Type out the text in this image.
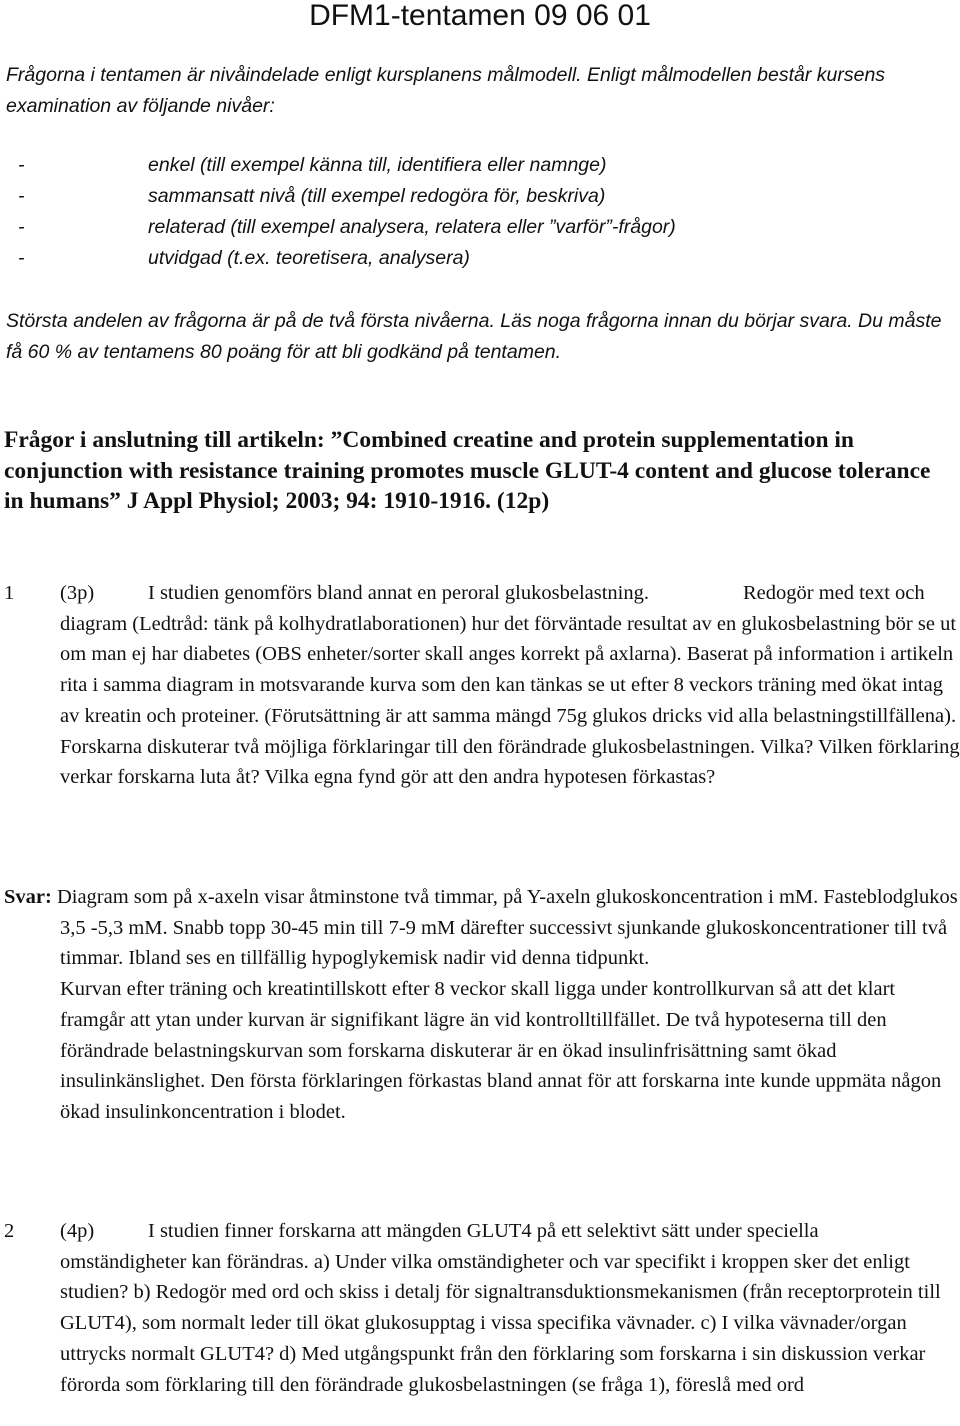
DFM1-tentamen 09 06 01

Frågorna i tentamen är nivåindelade enligt kursplanens målmodell. Enligt målmodellen består kursens examination av följande nivåer:

-	enkel (till exempel känna till, identifiera eller namnge)
-	sammansatt nivå (till exempel redogöra för, beskriva)
-	relaterad (till exempel analysera, relatera eller ”varför”-frågor)
-	utvidgad (t.ex. teoretisera, analysera)

Största andelen av frågorna är på de två första nivåerna. Läs noga frågorna innan du börjar svara. Du måste få 60 % av tentamens 80 poäng för att bli godkänd på tentamen.

Frågor i anslutning till artikeln: ”Combined creatine and protein supplementation in conjunction with resistance training promotes muscle GLUT-4 content and glucose tolerance in humans” J Appl Physiol; 2003; 94: 1910-1916. (12p)
1 (3p)	I studien genomförs bland annat en peroral glukosbelastning.	Redogör med text och diagram (Ledtråd: tänk på kolhydratlaborationen) hur det förväntade resultat av en glukosbelastning bör se ut om man ej har diabetes (OBS enheter/sorter skall anges korrekt på axlarna). Baserat på information i artikeln rita i samma diagram in motsvarande kurva som den kan tänkas se ut efter 8 veckors träning med ökat intag av kreatin och proteiner. (Förutsättning är att samma mängd 75g glukos dricks vid alla belastningstillfällena). Forskarna diskuterar två möjliga förklaringar till den förändrade glukosbelastningen. Vilka? Vilken förklaring verkar forskarna luta åt? Vilka egna fynd gör att den andra hypotesen förkastas?

Svar: Diagram som på x-axeln visar åtminstone två timmar, på Y-axeln glukoskoncentration i mM. Fasteblodglukos 3,5 -5,3 mM. Snabb topp 30-45 min till 7-9 mM därefter successivt sjunkande glukoskoncentrationer till två timmar. Ibland ses en tillfällig hypoglykemisk nadir vid denna tidpunkt.

Kurvan efter träning och kreatintillskott efter 8 veckor skall ligga under kontrollkurvan så att det klart framgår att ytan under kurvan är signifikant lägre än vid kontrolltillfället. De två hypoteserna till den förändrade belastningskurvan som forskarna diskuterar är en ökad insulinfrisättning samt ökad insulinkänslighet. Den första förklaringen förkastas bland annat för att forskarna inte kunde uppmäta någon ökad insulinkoncentration i blodet.

2 (4p)	I studien finner forskarna att mängden GLUT4 på ett selektivt sätt under speciella

omständigheter kan förändras. a) Under vilka omständigheter och var specifikt i kroppen sker det enligt studien? b) Redogör med ord och skiss i detalj för signaltransduktionsmekanismen (från receptorprotein till GLUT4), som normalt leder till ökat glukosupptag i vissa specifika vävnader. c) I vilka vävnader/organ uttrycks normalt GLUT4? d) Med utgångspunkt från den förklaring som forskarna i sin diskussion verkar förorda som förklaring till den förändrade glukosbelastningen (se fråga 1), föreslå med ord
